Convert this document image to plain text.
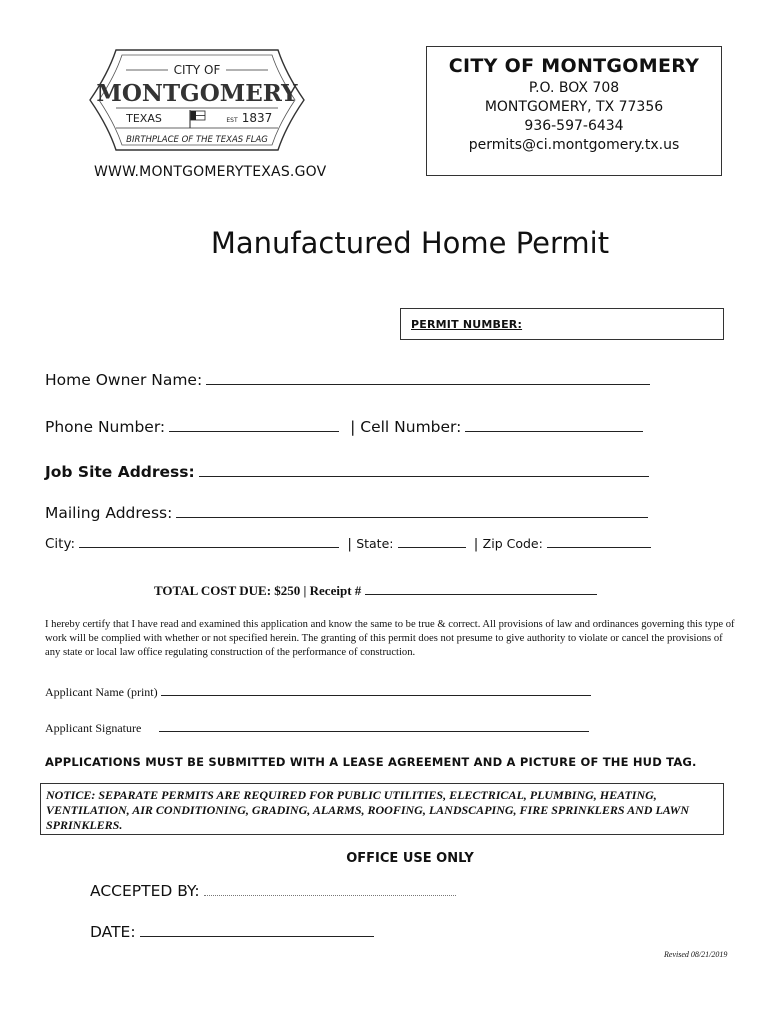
CITY OF
MONTGOMERY
TEXAS	EST 1837
BIRTHPLACE OF THE TEXAS FLAG
WWW.MONTGOMERYTEXAS.GOV
CITY OF MONTGOMERY
P.O. BOX 708
MONTGOMERY, TX 77356
936-597-6434
permits@ci.montgomery.tx.us
Manufactured Home Permit
PERMIT NUMBER:
Home Owner Name:
Phone Number:	| Cell Number:
Job Site Address:
Mailing Address:
City:	| State:	| Zip Code:
TOTAL COST DUE: $250 | Receipt #
I hereby certify that I have read and examined this application and know the same to be true & correct. All provisions of law and ordinances governing this type of work will be complied with whether or not specified herein. The granting of this permit does not presume to give authority to violate or cancel the provisions of any state or local law office regulating construction of the performance of construction.
Applicant Name (print)
Applicant Signature
APPLICATIONS MUST BE SUBMITTED WITH A LEASE AGREEMENT AND A PICTURE OF THE HUD TAG.
NOTICE: SEPARATE PERMITS ARE REQUIRED FOR PUBLIC UTILITIES, ELECTRICAL, PLUMBING, HEATING, VENTILATION, AIR CONDITIONING, GRADING, ALARMS, ROOFING, LANDSCAPING, FIRE SPRINKLERS AND LAWN SPRINKLERS.
OFFICE USE ONLY
ACCEPTED BY:
DATE:
Revised 08/21/2019
